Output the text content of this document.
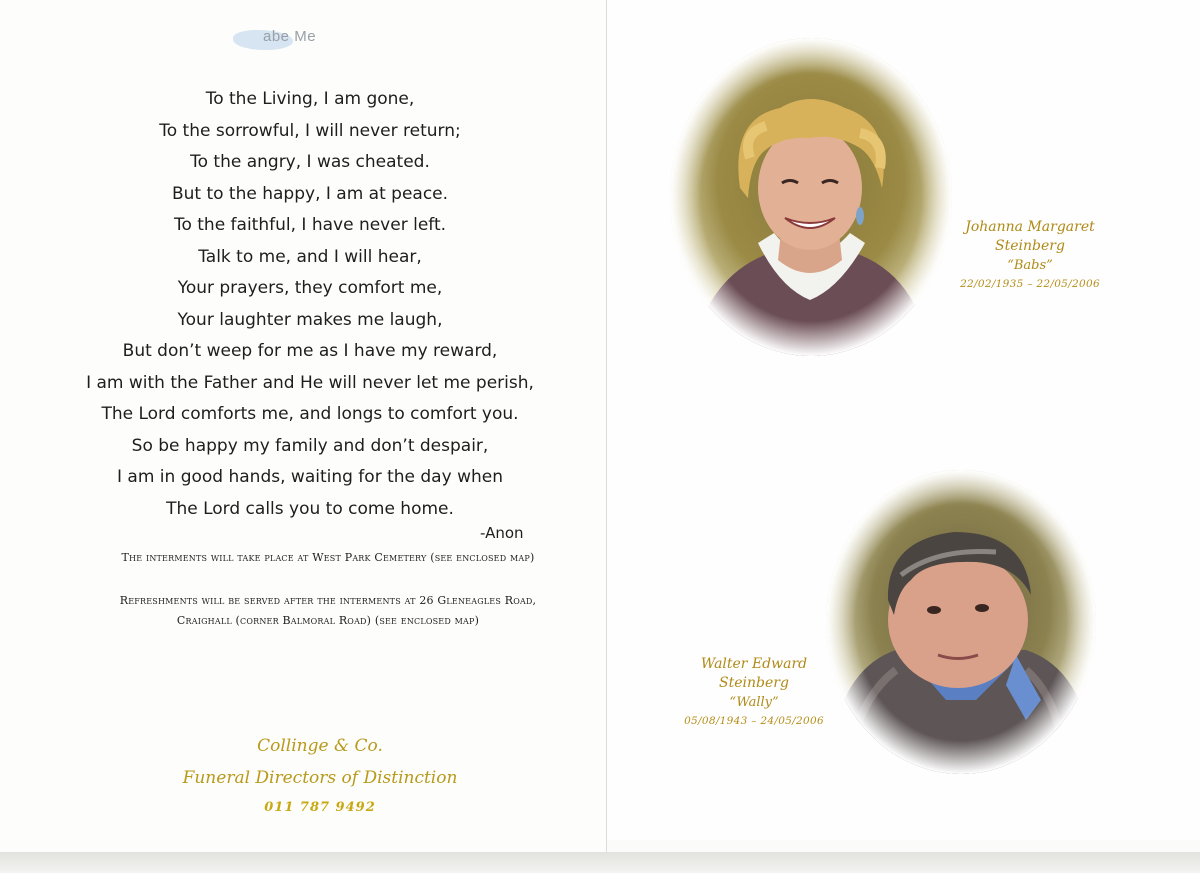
abe Me
To the Living, I am gone,
To the sorrowful, I will never return;
To the angry, I was cheated.
But to the happy, I am at peace.
To the faithful, I have never left.
Talk to me, and I will hear,
Your prayers, they comfort me,
Your laughter makes me laugh,
But don’t weep for me as I have my reward,
I am with the Father and He will never let me perish,
The Lord comforts me, and longs to comfort you.
So be happy my family and don’t despair,
I am in good hands, waiting for the day when
The Lord calls you to come home.
-Anon
The interments will take place at West Park Cemetery (see enclosed map)
Refreshments will be served after the interments at 26 Gleneagles Road,
Craighall (corner Balmoral Road) (see enclosed map)
Collinge & Co.
Funeral Directors of Distinction
011 787 9492
Johanna Margaret
Steinberg
“Babs”
22/02/1935 – 22/05/2006
Walter Edward
Steinberg
“Wally”
05/08/1943 – 24/05/2006
